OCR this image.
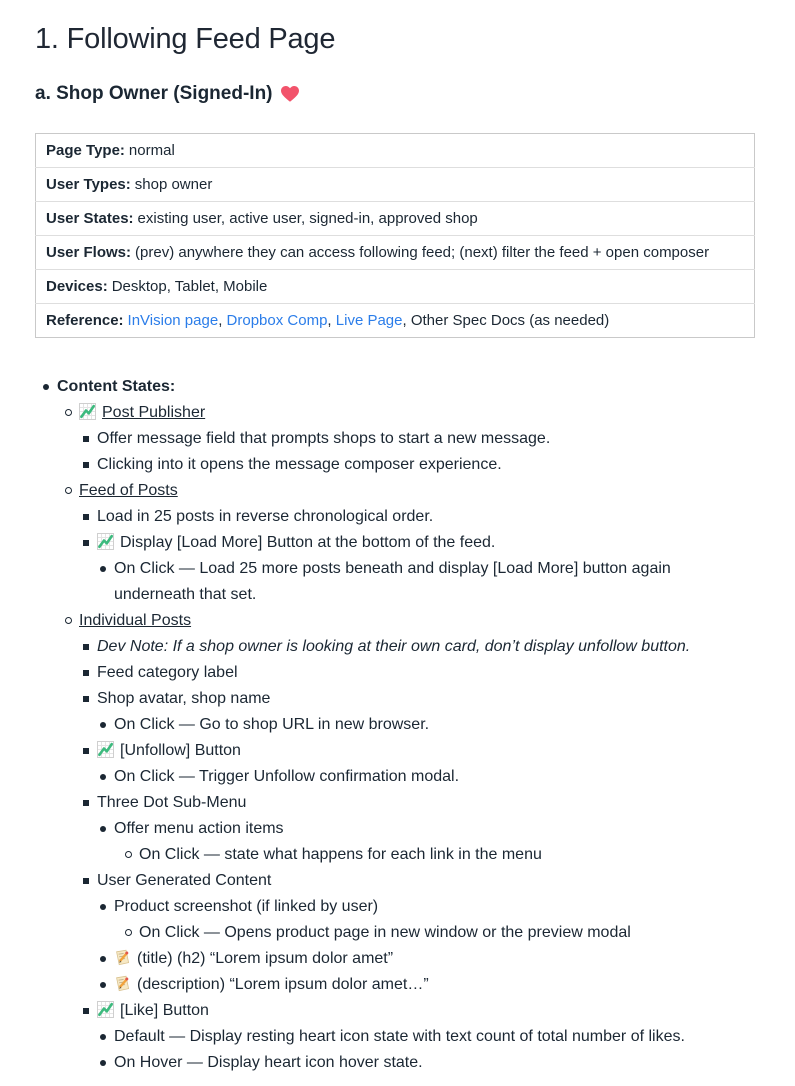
1. Following Feed Page
a. Shop Owner (Signed-In)
Page Type: normal
User Types: shop owner
User States: existing user, active user, signed-in, approved shop
User Flows: (prev) anywhere they can access following feed; (next) filter the feed + open composer
Devices: Desktop, Tablet, Mobile
Reference: InVision page, Dropbox Comp, Live Page, Other Spec Docs (as needed)
Content States:
Post Publisher
Offer message field that prompts shops to start a new message.
Clicking into it opens the message composer experience.
Feed of Posts
Load in 25 posts in reverse chronological order.
Display [Load More] Button at the bottom of the feed.
On Click — Load 25 more posts beneath and display [Load More] button again underneath that set.
Individual Posts
Dev Note: If a shop owner is looking at their own card, don’t display unfollow button.
Feed category label
Shop avatar, shop name
On Click — Go to shop URL in new browser.
[Unfollow] Button
On Click — Trigger Unfollow confirmation modal.
Three Dot Sub-Menu
Offer menu action items
On Click — state what happens for each link in the menu
User Generated Content
Product screenshot (if linked by user)
On Click — Opens product page in new window or the preview modal
(title) (h2) “Lorem ipsum dolor amet”
(description) “Lorem ipsum dolor amet…”
[Like] Button
Default — Display resting heart icon state with text count of total number of likes.
On Hover — Display heart icon hover state.
